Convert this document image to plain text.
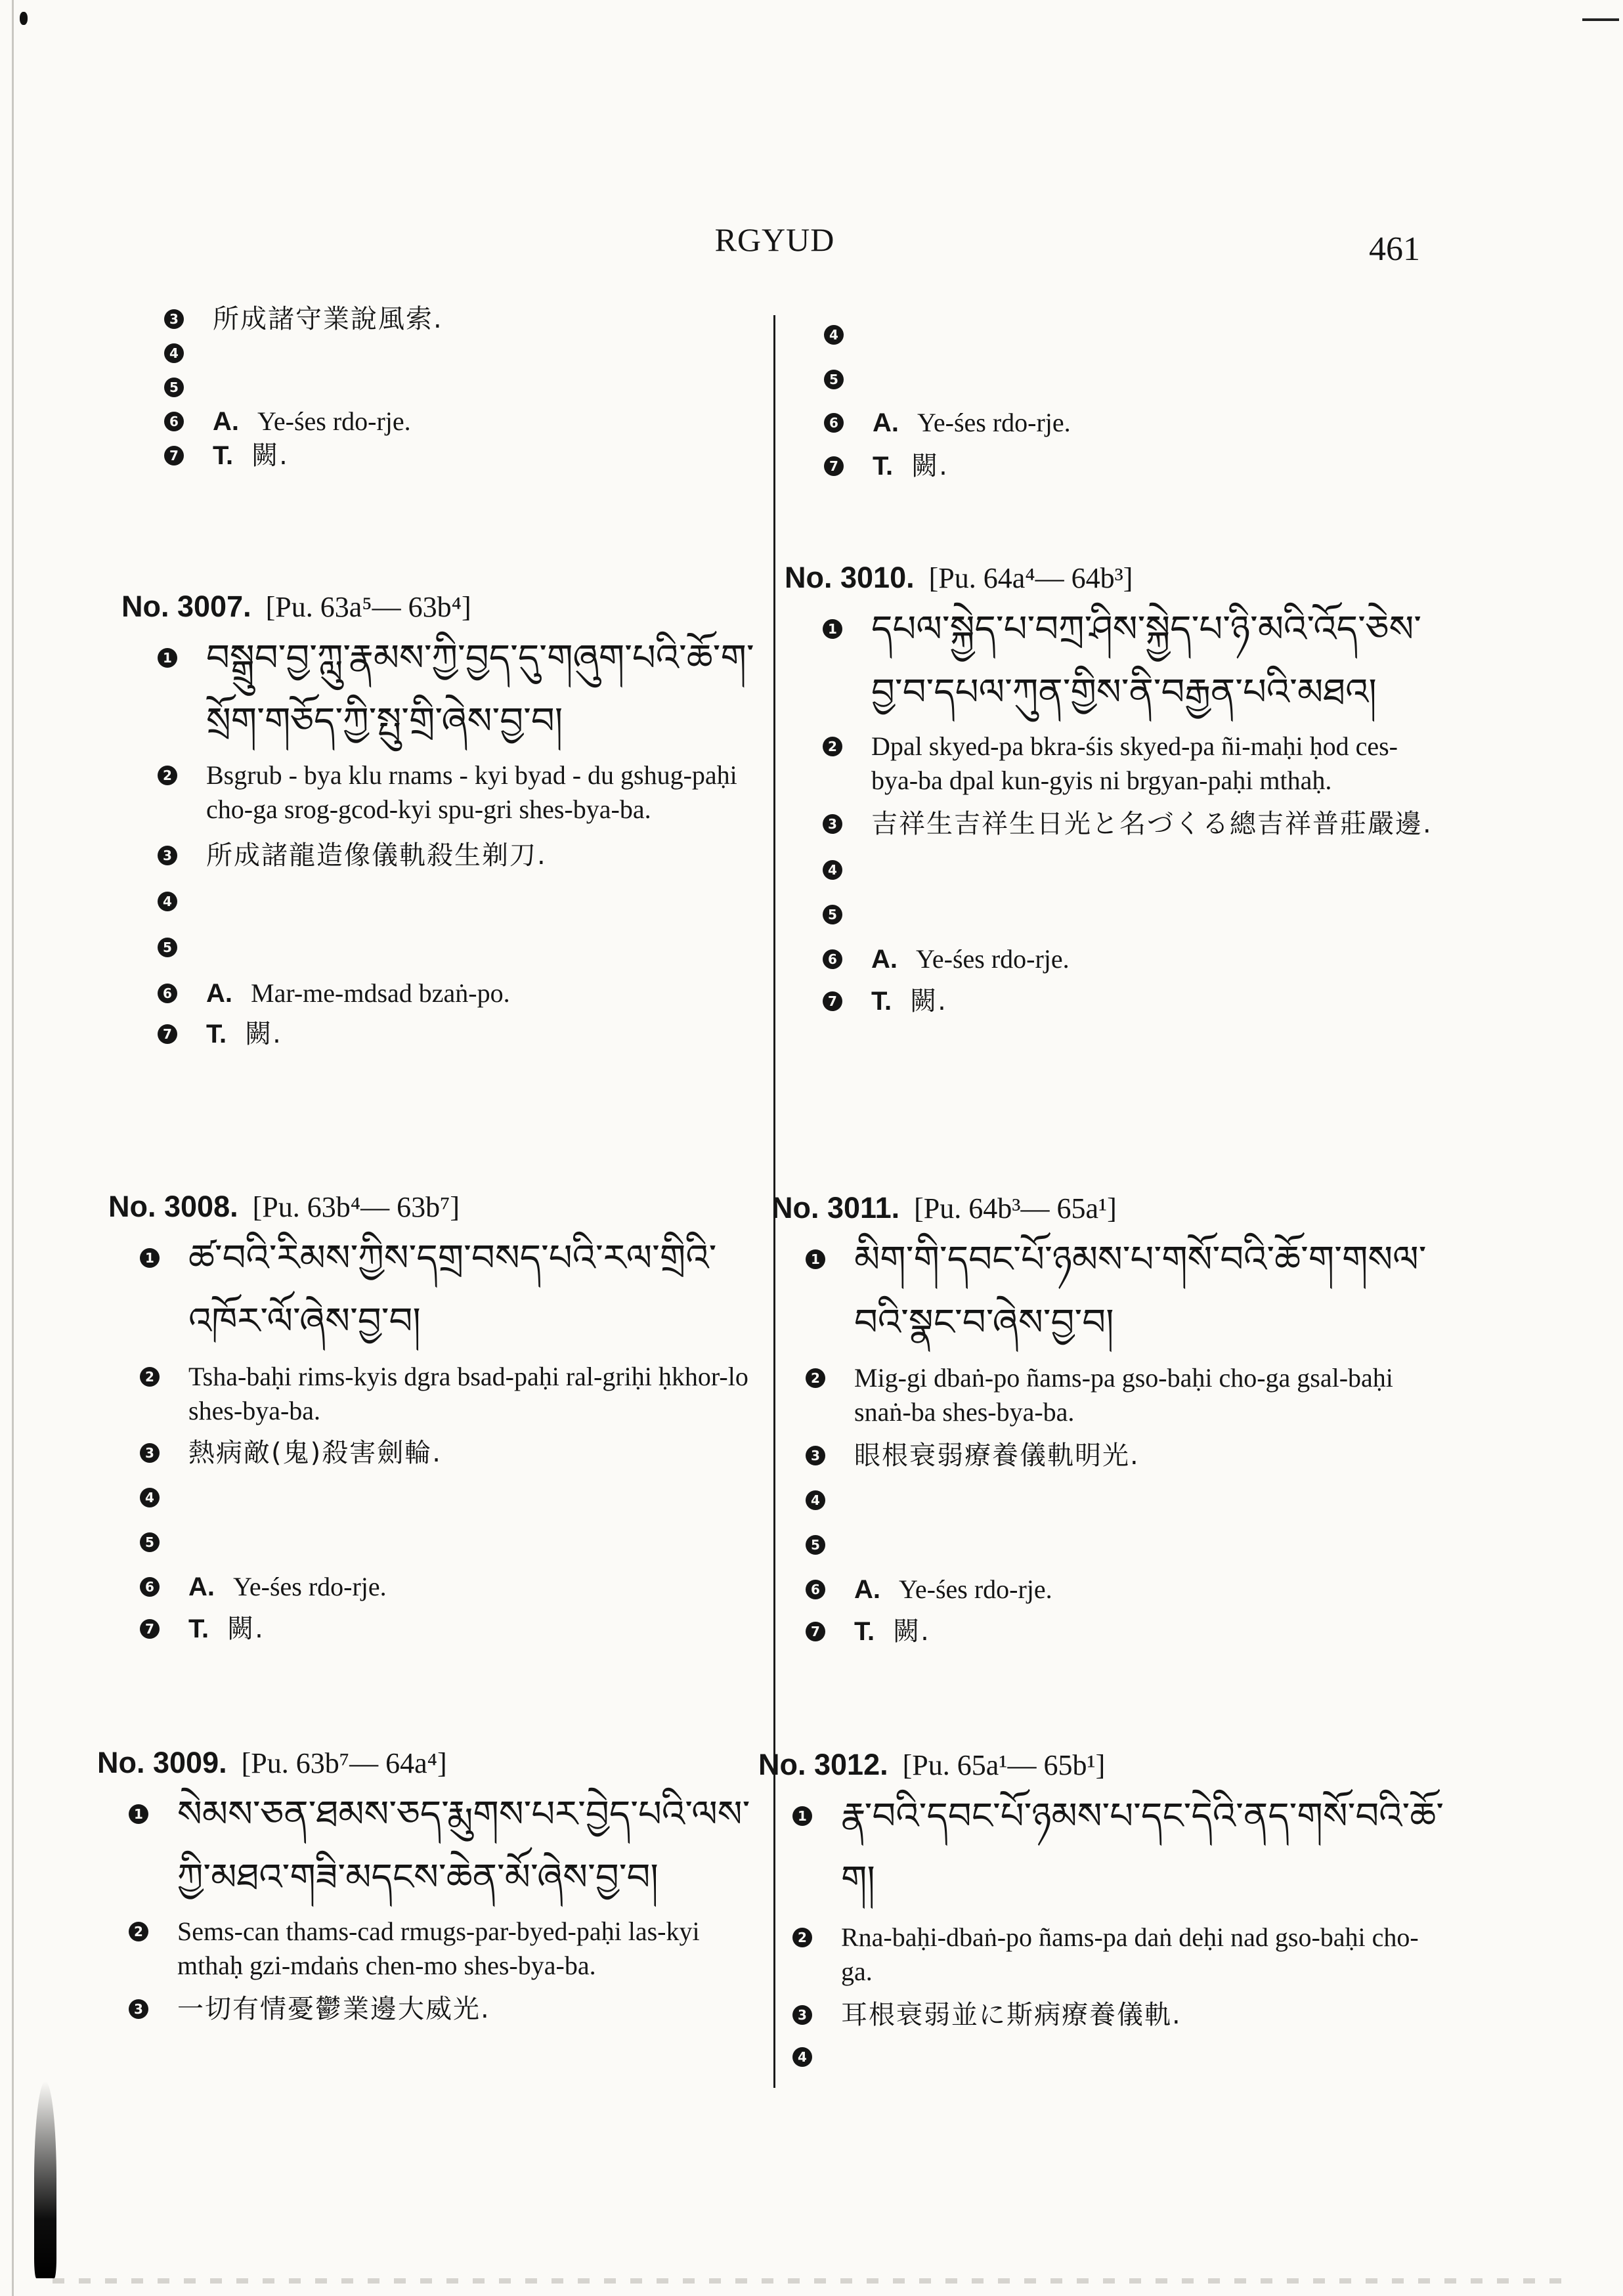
RGYUD	461
3 所成諸守業說風索.
4
5
6 A. Ye-śes rdo-rje.
7 T. 闕.
No. 3007. [Pu. 63a⁵— 63b⁴]
1 བསྒྲུབ་བྱ་ཀླུ་རྣམས་ཀྱི་བྱད་དུ་གཞུག་པའི་ཆོ་ག་སྲོག་གཅོད་ཀྱི་སྤུ་གྲི་ཞེས་བྱ་བ།
2 Bsgrub - bya klu rnams - kyi byad - du gshug-paḥi cho-ga srog-gcod-kyi spu-gri shes-bya-ba.
3 所成諸龍造像儀軌殺生剃刀.
4
5
6 A. Mar-me-mdsad bzaṅ-po.
7 T. 闕.
No. 3008. [Pu. 63b⁴— 63b⁷]
1 ཚ་བའི་རིམས་ཀྱིས་དགྲ་བསད་པའི་རལ་གྲིའི་འཁོར་ལོ་ཞེས་བྱ་བ།
2 Tsha-baḥi rims-kyis dgra bsad-paḥi ral-griḥi ḥkhor-lo shes-bya-ba.
3 熱病敵(鬼)殺害劍輪.
4
5
6 A. Ye-śes rdo-rje.
7 T. 闕.
No. 3009. [Pu. 63b⁷— 64a⁴]
1 སེམས་ཅན་ཐམས་ཅད་རྨུགས་པར་བྱེད་པའི་ལས་ཀྱི་མཐའ་གཟི་མདངས་ཆེན་མོ་ཞེས་བྱ་བ།
2 Sems-can thams-cad rmugs-par-byed-paḥi las-kyi mthaḥ gzi-mdaṅs chen-mo shes-bya-ba.
3 一切有情憂鬱業邊大威光.
4
5
6 A. Ye-śes rdo-rje.
7 T. 闕.
No. 3010. [Pu. 64a⁴— 64b³]
1 དཔལ་སྐྱེད་པ་བཀྲ་ཤིས་སྐྱེད་པ་ཉི་མའི་འོད་ཅེས་བྱ་བ་དཔལ་ཀུན་གྱིས་ནི་བརྒྱན་པའི་མཐའ།
2 Dpal skyed-pa bkra-śis skyed-pa ñi-maḥi ḥod ces-bya-ba dpal kun-gyis ni brgyan-paḥi mthaḥ.
3 吉祥生吉祥生日光と名づくる總吉祥普莊嚴邊.
4
5
6 A. Ye-śes rdo-rje.
7 T. 闕.
No. 3011. [Pu. 64b³— 65a¹]
1 མིག་གི་དབང་པོ་ཉམས་པ་གསོ་བའི་ཆོ་ག་གསལ་བའི་སྣང་བ་ཞེས་བྱ་བ།
2 Mig-gi dbaṅ-po ñams-pa gso-baḥi cho-ga gsal-baḥi snaṅ-ba shes-bya-ba.
3 眼根衰弱療養儀軌明光.
4
5
6 A. Ye-śes rdo-rje.
7 T. 闕.
No. 3012. [Pu. 65a¹— 65b¹]
1 རྣ་བའི་དབང་པོ་ཉམས་པ་དང་དེའི་ནད་གསོ་བའི་ཆོ་ག།
2 Rna-baḥi-dbaṅ-po ñams-pa daṅ deḥi nad gso-baḥi cho-ga.
3 耳根衰弱並に斯病療養儀軌.
4
